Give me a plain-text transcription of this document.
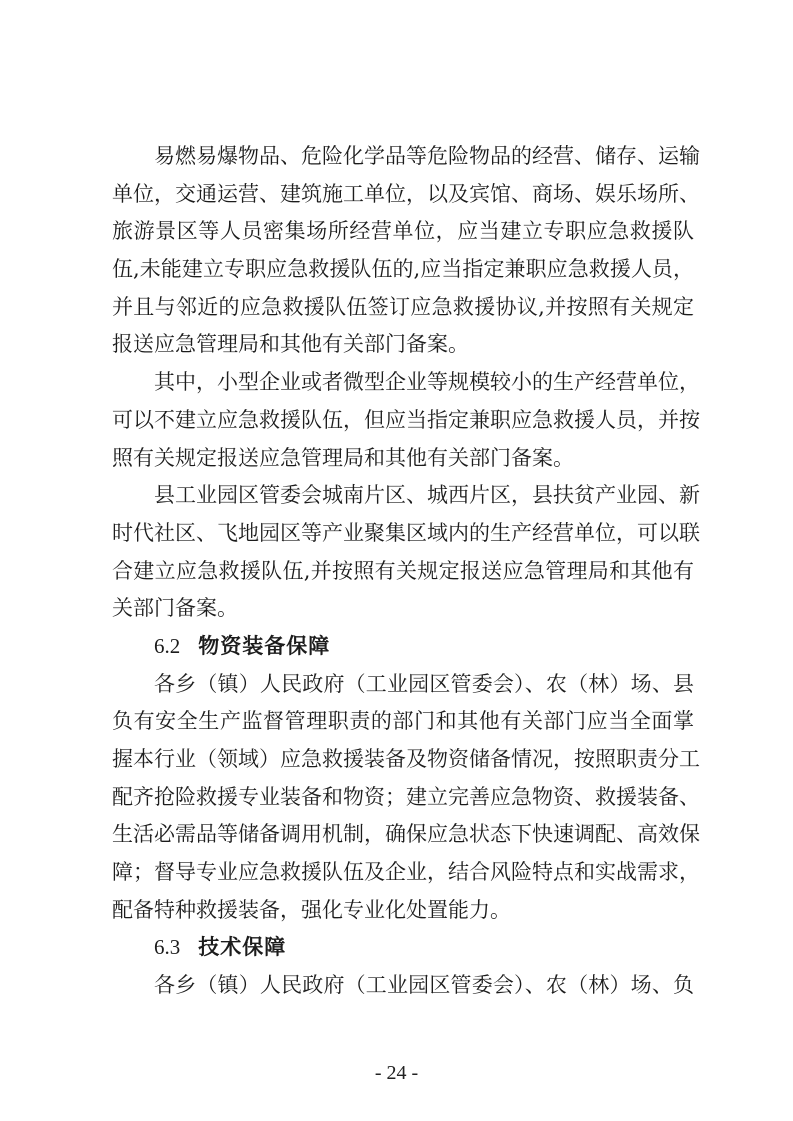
易燃易爆物品、危险化学品等危险物品的经营、储存、运输
单位，交通运营、建筑施工单位，以及宾馆、商场、娱乐场所、
旅游景区等人员密集场所经营单位，应当建立专职应急救援队
伍,未能建立专职应急救援队伍的,应当指定兼职应急救援人员，
并且与邻近的应急救援队伍签订应急救援协议,并按照有关规定
报送应急管理局和其他有关部门备案。
其中，小型企业或者微型企业等规模较小的生产经营单位，
可以不建立应急救援队伍，但应当指定兼职应急救援人员，并按
照有关规定报送应急管理局和其他有关部门备案。
县工业园区管委会城南片区、城西片区，县扶贫产业园、新
时代社区、飞地园区等产业聚集区域内的生产经营单位，可以联
合建立应急救援队伍,并按照有关规定报送应急管理局和其他有
关部门备案。
6.2 物资装备保障
各乡（镇）人民政府（工业园区管委会）、农（林）场、县
负有安全生产监督管理职责的部门和其他有关部门应当全面掌
握本行业（领域）应急救援装备及物资储备情况，按照职责分工
配齐抢险救援专业装备和物资；建立完善应急物资、救援装备、
生活必需品等储备调用机制，确保应急状态下快速调配、高效保
障；督导专业应急救援队伍及企业，结合风险特点和实战需求，
配备特种救援装备，强化专业化处置能力。
6.3 技术保障
各乡（镇）人民政府（工业园区管委会）、农（林）场、负
- 24 -
